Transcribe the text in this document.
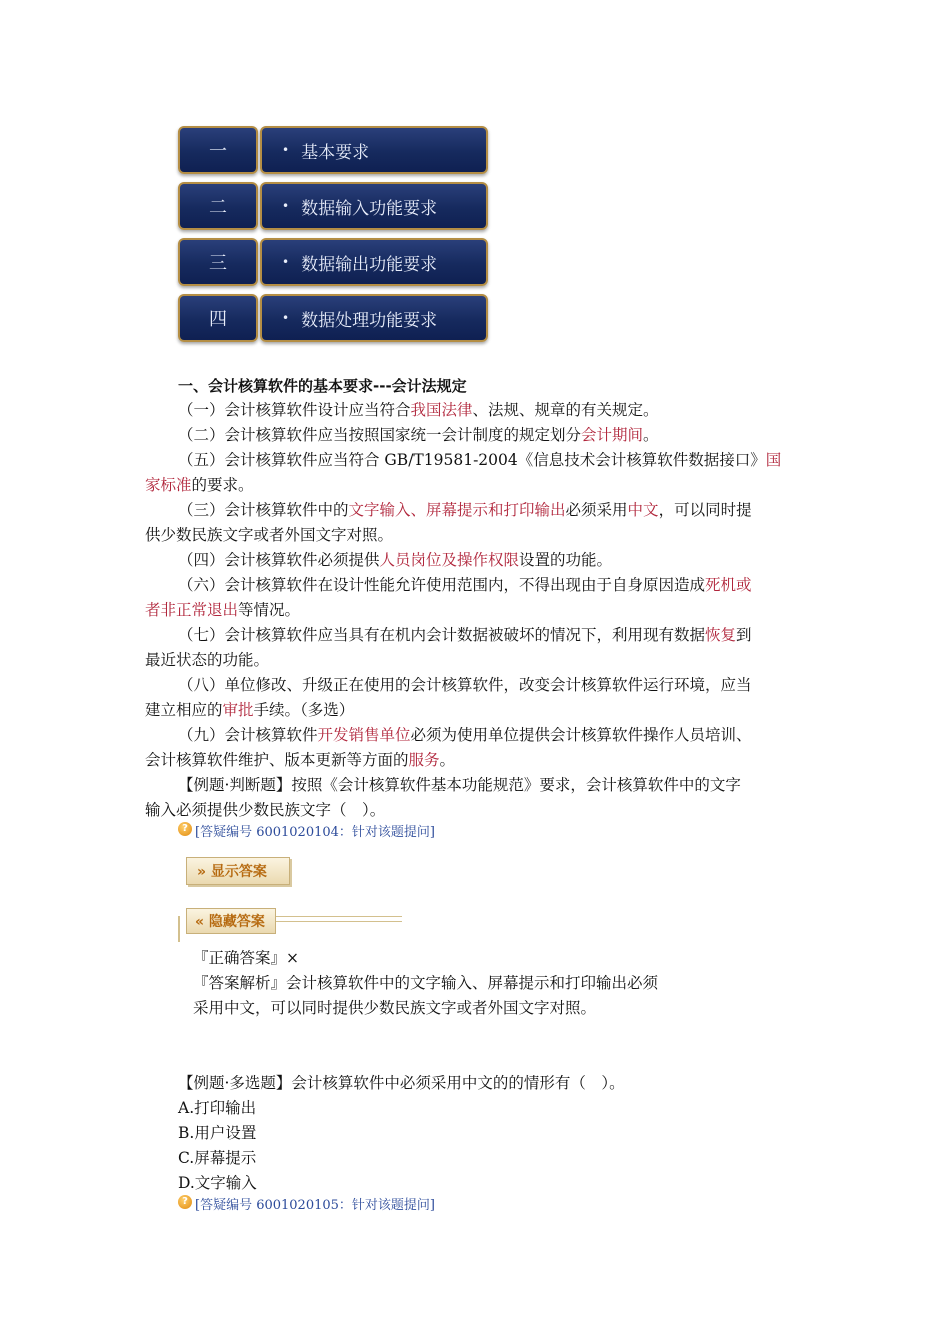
一	• 基本要求
二	• 数据输入功能要求
三	• 数据输出功能要求
四	• 数据处理功能要求
一、会计核算软件的基本要求---会计法规定
（一）会计核算软件设计应当符合我国法律、法规、规章的有关规定。
（二）会计核算软件应当按照国家统一会计制度的规定划分会计期间。
（五）会计核算软件应当符合 GB/T19581-2004《信息技术会计核算软件数据接口》国
家标准的要求。
（三）会计核算软件中的文字输入、屏幕提示和打印输出必须采用中文，可以同时提
供少数民族文字或者外国文字对照。
（四）会计核算软件必须提供人员岗位及操作权限设置的功能。
（六）会计核算软件在设计性能允许使用范围内，不得出现由于自身原因造成死机或
者非正常退出等情况。
（七）会计核算软件应当具有在机内会计数据被破坏的情况下，利用现有数据恢复到
最近状态的功能。
（八）单位修改、升级正在使用的会计核算软件，改变会计核算软件运行环境，应当
建立相应的审批手续。（多选）
（九）会计核算软件开发销售单位必须为使用单位提供会计核算软件操作人员培训、
会计核算软件维护、版本更新等方面的服务。
【例题·判断题】按照《会计核算软件基本功能规范》要求，会计核算软件中的文字
输入必须提供少数民族文字（　）。
? [答疑编号 6001020104：针对该题提问]
» 显示答案
« 隐藏答案
『正确答案』×
『答案解析』会计核算软件中的文字输入、屏幕提示和打印输出必须
采用中文，可以同时提供少数民族文字或者外国文字对照。
【例题·多选题】会计核算软件中必须采用中文的的情形有（　）。
A.打印输出
B.用户设置
C.屏幕提示
D.文字输入
? [答疑编号 6001020105：针对该题提问]
